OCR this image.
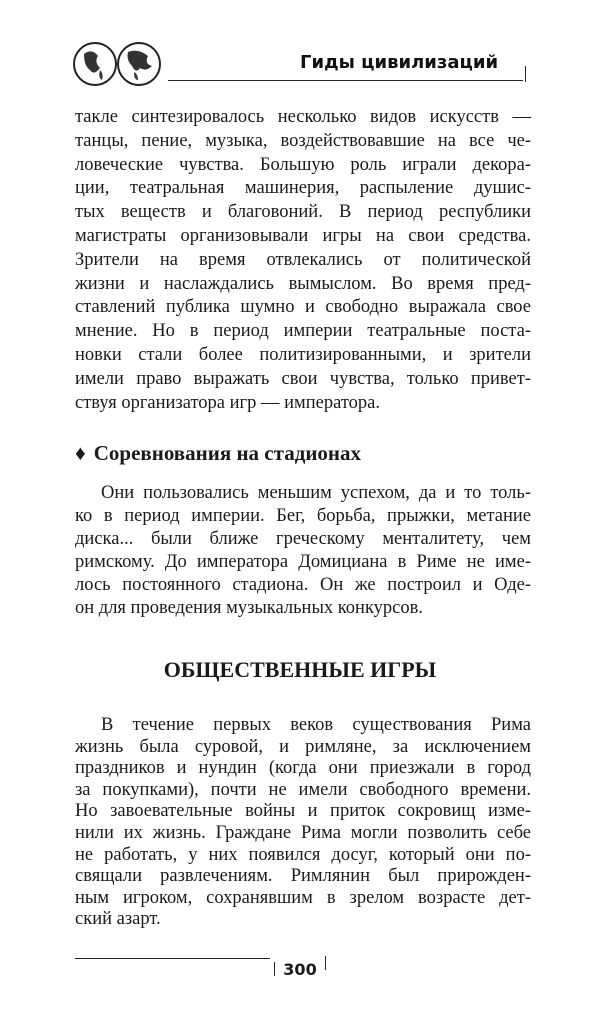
Гиды цивилизаций
такле синтезировалось несколько видов искусств —
танцы, пение, музыка, воздействовавшие на все че-
ловеческие чувства. Большую роль играли декора-
ции, театральная машинерия, распыление душис-
тых веществ и благовоний. В период республики
магистраты организовывали игры на свои средства.
Зрители на время отвлекались от политической
жизни и наслаждались вымыслом. Во время пред-
ставлений публика шумно и свободно выражала свое
мнение. Но в период империи театральные поста-
новки стали более политизированными, и зрители
имели право выражать свои чувства, только привет-
ствуя организатора игр — императора.
♦ Соревнования на стадионах
Они пользовались меньшим успехом, да и то толь-
ко в период империи. Бег, борьба, прыжки, метание
диска... были ближе греческому менталитету, чем
римскому. До императора Домициана в Риме не име-
лось постоянного стадиона. Он же построил и Оде-
он для проведения музыкальных конкурсов.
ОБЩЕСТВЕННЫЕ ИГРЫ
В течение первых веков существования Рима
жизнь была суровой, и римляне, за исключением
праздников и нундин (когда они приезжали в город
за покупками), почти не имели свободного времени.
Но завоевательные войны и приток сокровищ изме-
нили их жизнь. Граждане Рима могли позволить себе
не работать, у них появился досуг, который они по-
свящали развлечениям. Римлянин был прирожден-
ным игроком, сохранявшим в зрелом возрасте дет-
ский азарт.
300
